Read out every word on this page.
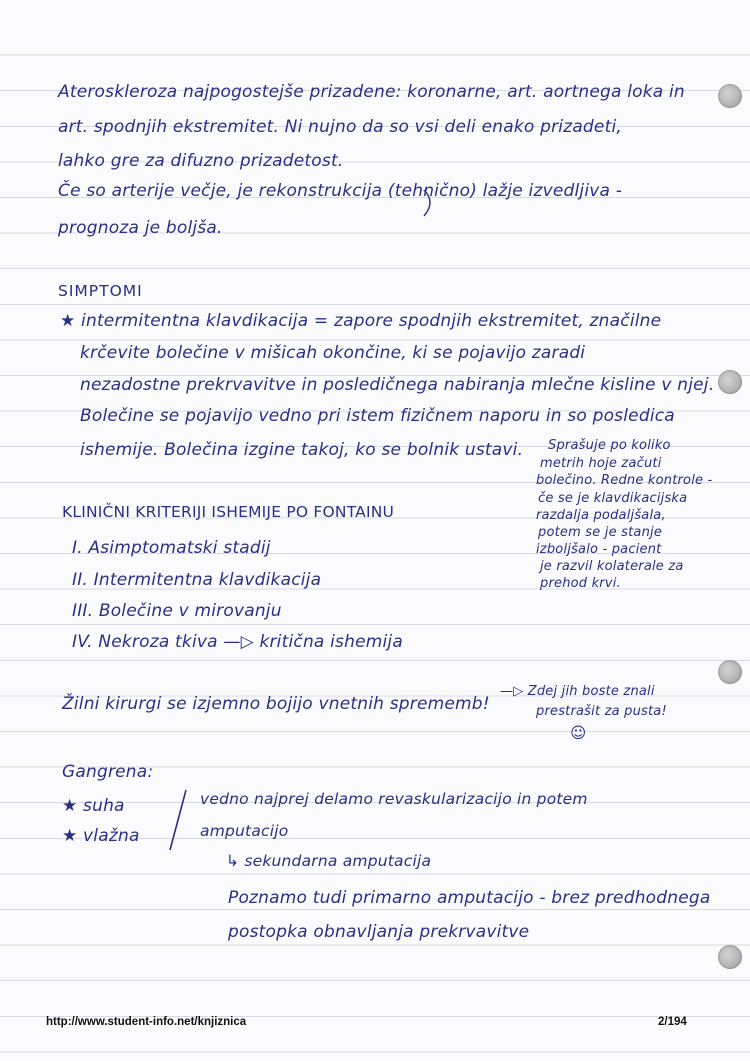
Ateroskleroza najpogostejše prizadene: koronarne, art. aortnega loka in
art. spodnjih ekstremitet. Ni nujno da so vsi deli enako prizadeti,
lahko gre za difuzno prizadetost.
Če so arterije večje, je rekonstrukcija (tehnično) lažje izvedljiva -
prognoza je boljša.
SIMPTOMI
★ intermitentna klavdikacija = zapore spodnjih ekstremitet, značilne
krčevite bolečine v mišicah okončine, ki se pojavijo zaradi
nezadostne prekrvavitve in posledičnega nabiranja mlečne kisline v njej.
Bolečine se pojavijo vedno pri istem fizičnem naporu in so posledica
ishemije. Bolečina izgine takoj, ko se bolnik ustavi. Sprašuje po koliko
metrih hoje začuti
bolečino. Redne kontrole -
če se je klavdikacijska
razdalja podaljšala,
potem se je stanje
izboljšalo - pacient
je razvil kolaterale za
prehod krvi.
KLINIČNI KRITERIJI ISHEMIJE PO FONTAINU
I. Asimptomatski stadij
II. Intermitentna klavdikacija
III. Bolečine v mirovanju
IV. Nekroza tkiva —▷ kritična ishemija
Žilni kirurgi se izjemno bojijo vnetnih sprememb!
—▷ Zdej jih boste znali
prestrašit za pusta!
☺
Gangrena:
★ suha
★ vlažna
vedno najprej delamo revaskularizacijo in potem
amputacijo
↳ sekundarna amputacija
Poznamo tudi primarno amputacijo - brez predhodnega
postopka obnavljanja prekrvavitve
http://www.student-info.net/knjiznica	2/194
